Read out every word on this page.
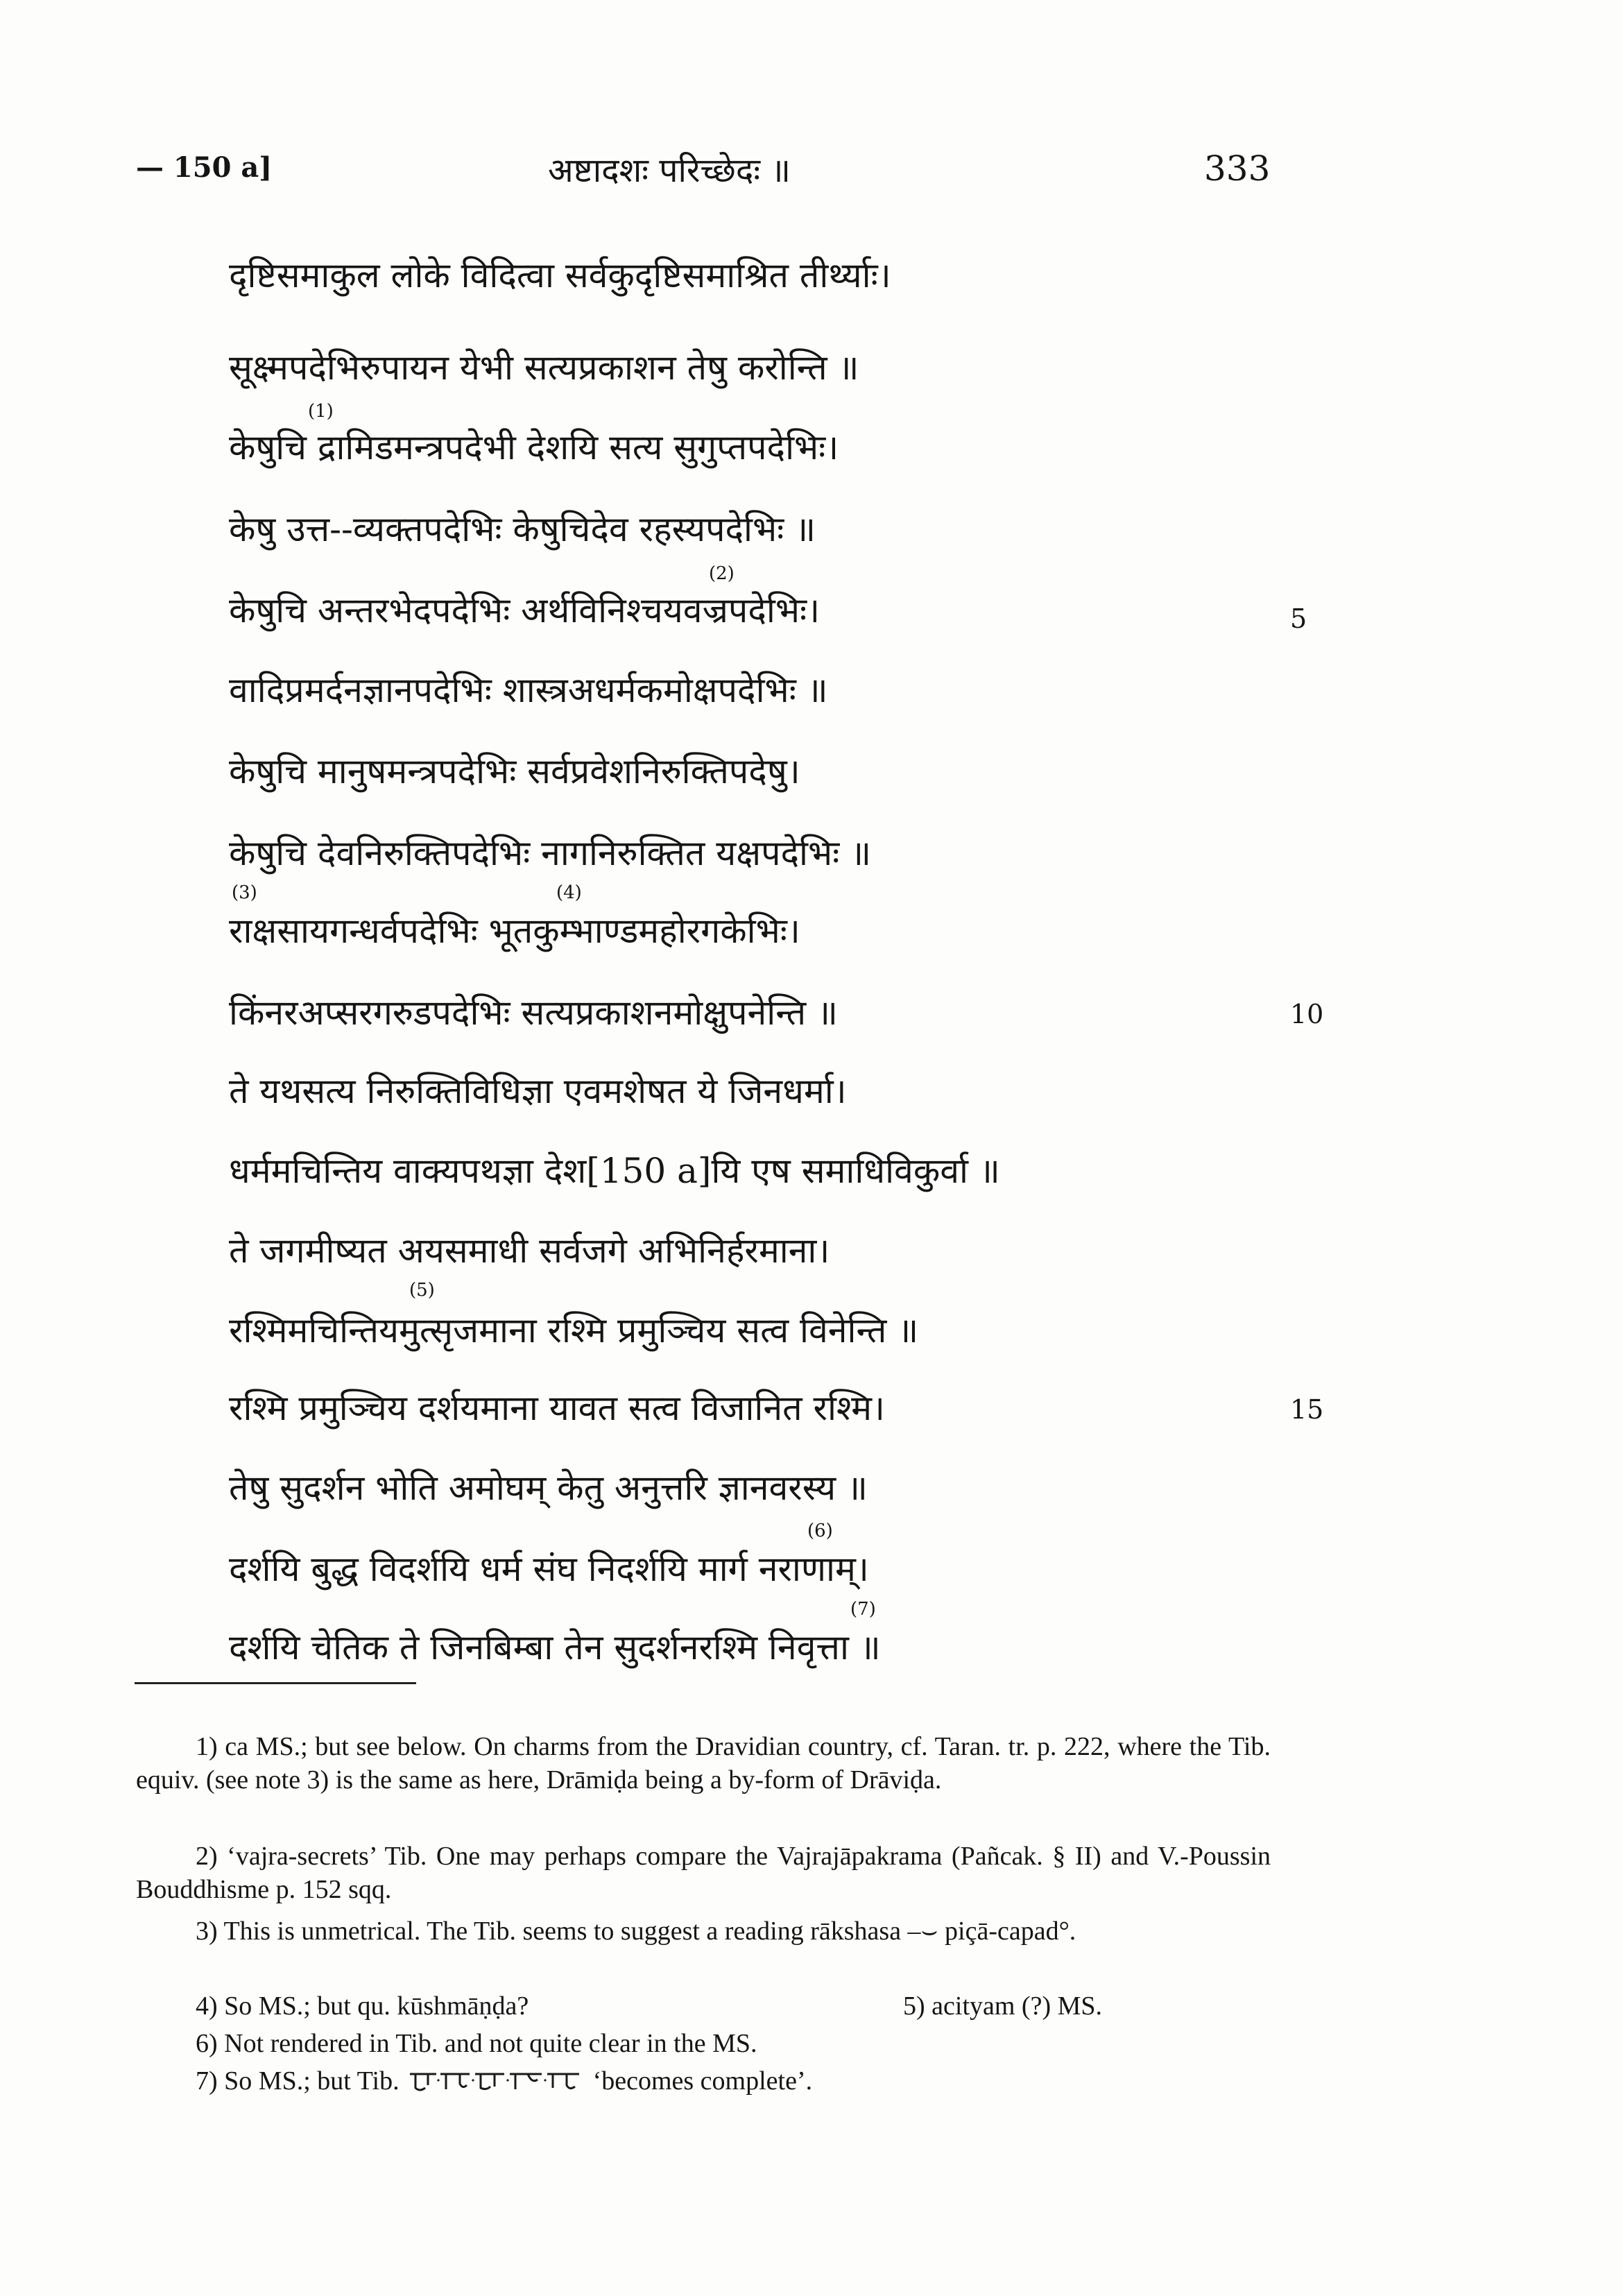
— 150 a]	अष्टादशः परिच्छेदः ॥	333
दृष्टिसमाकुल लोके विदित्वा सर्वकुदृष्टिसमाश्रित तीर्थ्याः।
सूक्ष्मपदेभिरुपायन येभी सत्यप्रकाशन तेषु करोन्ति ॥
केषुचि द्रामिडमन्त्रपदेभी देशयि सत्य सुगुप्तपदेभिः।
केषु उत्त--व्यक्तपदेभिः केषुचिदेव रहस्यपदेभिः ॥
केषुचि अन्तरभेदपदेभिः अर्थविनिश्चयवज्रपदेभिः।
वादिप्रमर्दनज्ञानपदेभिः शास्त्रअधर्मकमोक्षपदेभिः ॥
केषुचि मानुषमन्त्रपदेभिः सर्वप्रवेशनिरुक्तिपदेषु।
केषुचि देवनिरुक्तिपदेभिः नागनिरुक्तित यक्षपदेभिः ॥
राक्षसायगन्धर्वपदेभिः भूतकुम्भाण्डमहोरगकेभिः।
किंनरअप्सरगरुडपदेभिः सत्यप्रकाशनमोक्षुपनेन्ति ॥
ते यथसत्य निरुक्तिविधिज्ञा एवमशेषत ये जिनधर्मा।
धर्ममचिन्तिय वाक्यपथज्ञा देश[150 a]यि एष समाधिविकुर्वा ॥
ते जगमीष्यत अयसमाधी सर्वजगे अभिनिर्हरमाना।
रश्मिमचिन्तियमुत्सृजमाना रश्मि प्रमुञ्चिय सत्व विनेन्ति ॥
रश्मि प्रमुञ्चिय दर्शयमाना यावत सत्व विजानित रश्मि।
तेषु सुदर्शन भोति अमोघम् केतु अनुत्तरि ज्ञानवरस्य ॥
दर्शयि बुद्ध विदर्शयि धर्म संघ निदर्शयि मार्ग नराणाम्।
दर्शयि चेतिक ते जिनबिम्बा तेन सुदर्शनरश्मि निवृत्ता ॥
(1)
(2)
(3)	(4)
(5)
(6)
(7)
5
10
15
1) ca MS.; but see below. On charms from the Dravidian country, cf. Taran. tr. p. 222, where the Tib. equiv. (see note 3) is the same as here, Drāmiḍa being a by-form of Drāviḍa.
2) ‘vajra-secrets’ Tib. One may perhaps compare the Vajrajāpakrama (Pañcak. § II) and V.-Poussin Bouddhisme p. 152 sqq.
3) This is unmetrical. The Tib. seems to suggest a reading rākshasa –⌣ piçā-capad°.
4) So MS.; but qu. kūshmāṇḍa?	5) acityam (?) MS.
6) Not rendered in Tib. and not quite clear in the MS.
7) So MS.; but Tib.	‘becomes complete’.
